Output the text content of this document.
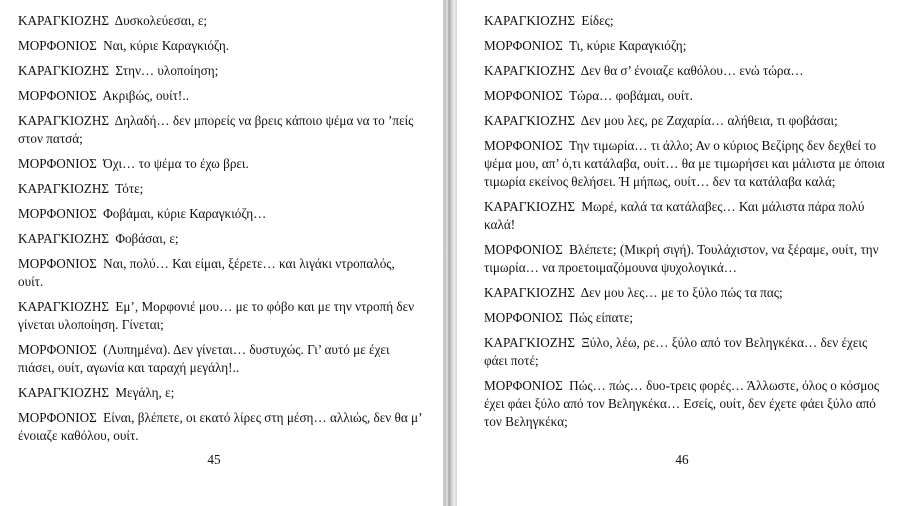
ΚΑΡΑΓΚΙΟΖΗΣ Δυσκολεύεσαι, ε;

ΜΟΡΦΟΝΙΟΣ Ναι, κύριε Καραγκιόζη.

ΚΑΡΑΓΚΙΟΖΗΣ Στην… υλοποίηση;

ΜΟΡΦΟΝΙΟΣ Ακριβώς, ουίτ!..

ΚΑΡΑΓΚΙΟΖΗΣ Δηλαδή… δεν μπορείς να βρεις κάποιο ψέμα να το ’πείς στον πατσά;

ΜΟΡΦΟΝΙΟΣ Όχι… το ψέμα το έχω βρει.

ΚΑΡΑΓΚΙΟΖΗΣ Τότε;

ΜΟΡΦΟΝΙΟΣ Φοβάμαι, κύριε Καραγκιόζη…

ΚΑΡΑΓΚΙΟΖΗΣ Φοβάσαι, ε;

ΜΟΡΦΟΝΙΟΣ Ναι, πολύ… Και είμαι, ξέρετε… και λιγάκι ντροπαλός, ουίτ.

ΚΑΡΑΓΚΙΟΖΗΣ Εμ’, Μορφονιέ μου… με το φόβο και με την ντροπή δεν γίνεται υλοποίηση. Γίνεται;

ΜΟΡΦΟΝΙΟΣ (Λυπημένα). Δεν γίνεται… δυστυχώς. Γι’ αυτό με έχει πιάσει, ουίτ, αγωνία και ταραχή μεγάλη!..

ΚΑΡΑΓΚΙΟΖΗΣ Μεγάλη, ε;

ΜΟΡΦΟΝΙΟΣ Είναι, βλέπετε, οι εκατό λίρες στη μέση… αλλιώς, δεν θα μ’ ένοιαζε καθόλου, ουίτ.

45

ΚΑΡΑΓΚΙΟΖΗΣ Είδες;

ΜΟΡΦΟΝΙΟΣ Τι, κύριε Καραγκιόζη;

ΚΑΡΑΓΚΙΟΖΗΣ Δεν θα σ’ ένοιαζε καθόλου… ενώ τώρα…

ΜΟΡΦΟΝΙΟΣ Τώρα… φοβάμαι, ουίτ.

ΚΑΡΑΓΚΙΟΖΗΣ Δεν μου λες, ρε Ζαχαρία… αλήθεια, τι φοβάσαι;

ΜΟΡΦΟΝΙΟΣ Την τιμωρία… τι άλλο; Αν ο κύριος Βεζίρης δεν δεχθεί το ψέμα μου, απ’ ό,τι κατάλαβα, ουίτ… θα με τιμωρήσει και μάλιστα με όποια τιμωρία εκείνος θελήσει. Ή μήπως, ουίτ… δεν τα κατάλαβα καλά;

ΚΑΡΑΓΚΙΟΖΗΣ Μωρέ, καλά τα κατάλαβες… Και μάλιστα πάρα πολύ καλά!

ΜΟΡΦΟΝΙΟΣ Βλέπετε; (Μικρή σιγή). Τουλάχιστον, να ξέραμε, ουίτ, την τιμωρία… να προετοιμαζόμουνα ψυχολογικά…

ΚΑΡΑΓΚΙΟΖΗΣ Δεν μου λες… με το ξύλο πώς τα πας;

ΜΟΡΦΟΝΙΟΣ Πώς είπατε;

ΚΑΡΑΓΚΙΟΖΗΣ Ξύλο, λέω, ρε… ξύλο από τον Βεληγκέκα… δεν έχεις φάει ποτέ;

ΜΟΡΦΟΝΙΟΣ Πώς… πώς… δυο-τρεις φορές… Άλλωστε, όλος ο κόσμος έχει φάει ξύλο από τον Βεληγκέκα… Εσείς, ουίτ, δεν έχετε φάει ξύλο από τον Βεληγκέκα;

46
